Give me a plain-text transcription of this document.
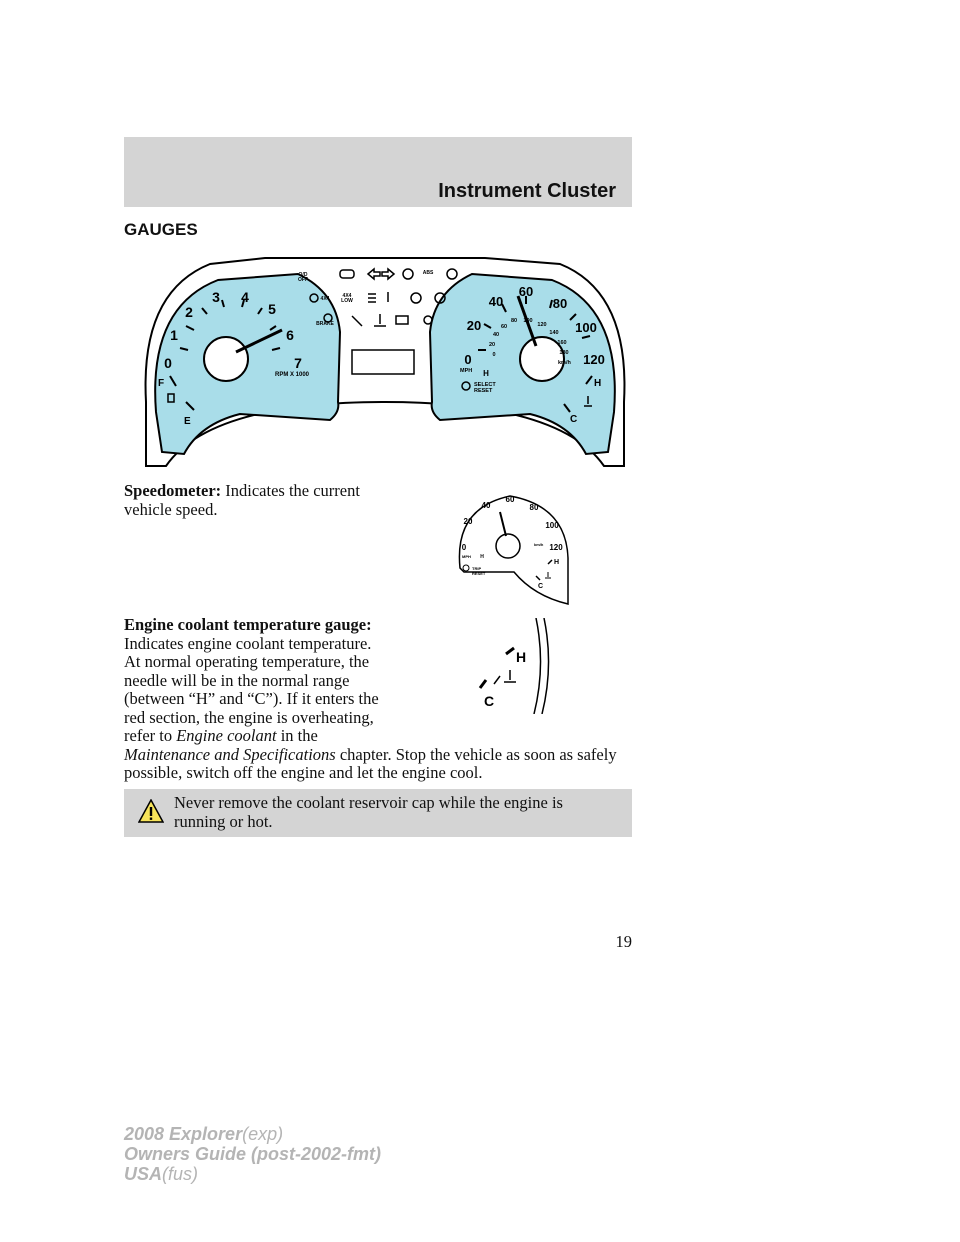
Instrument Cluster
GAUGES
O/D
OFF
4X4	4X4
LOW
BRAKE
ABS
0
1
2
3 4
5
6
7
RPM X 1000
F
E
0
20
40
60
80
100
120
0
20
40
60
80 100
120
140
160
180
MPH
km/h
SELECT
RESET
H
H
C
Speedometer: Indicates the current vehicle speed.
0
20
40
60
80
100
120
MPH
km/h
TRIP
RESET
H
H
C
Engine coolant temperature gauge: Indicates engine coolant temperature. At normal operating temperature, the needle will be in the normal range (between “H” and “C”). If it enters the red section, the engine is overheating, refer to Engine coolant in the
Maintenance and Specifications chapter. Stop the vehicle as soon as safely possible, switch off the engine and let the engine cool.
H
C
Never remove the coolant reservoir cap while the engine is running or hot.
19
2008 Explorer(exp)
Owners Guide (post-2002-fmt)
USA(fus)
